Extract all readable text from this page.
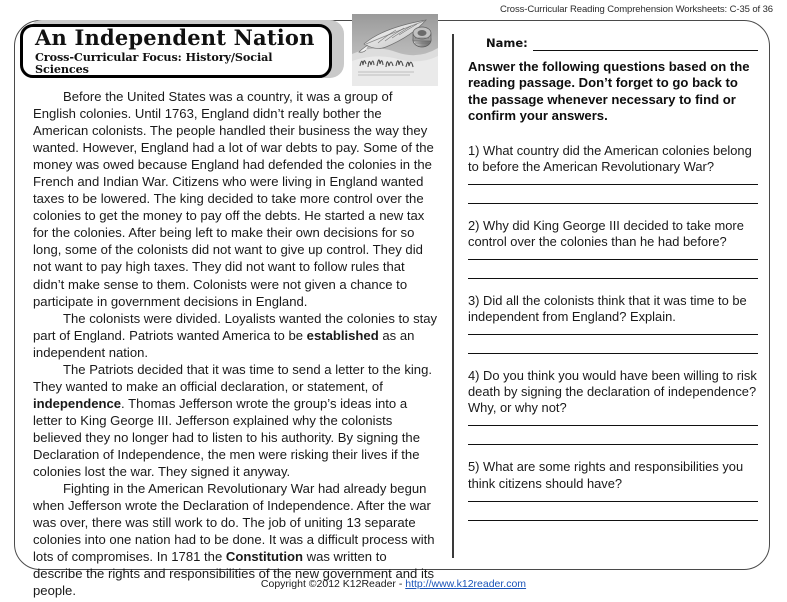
Cross-Curricular Reading Comprehension Worksheets: C-35 of 36
An Independent Nation
Cross-Curricular Focus: History/Social Sciences

Before the United States was a country, it was a group of English colonies. Until 1763, England didn’t really bother the American colonists. The people handled their business the way they wanted. However, England had a lot of war debts to pay. Some of the money was owed because England had defended the colonies in the French and Indian War. Citizens who were living in England wanted taxes to be lowered. The king decided to take more control over the colonies to get the money to pay off the debts. He started a new tax for the colonies. After being left to make their own decisions for so long, some of the colonists did not want to give up control. They did not want to pay high taxes. They did not want to follow rules that didn’t make sense to them. Colonists were not given a chance to participate in government decisions in England.

The colonists were divided. Loyalists wanted the colonies to stay part of England. Patriots wanted America to be established as an independent nation.

The Patriots decided that it was time to send a letter to the king. They wanted to make an official declaration, or statement, of independence. Thomas Jefferson wrote the group’s ideas into a letter to King George III. Jefferson explained why the colonists believed they no longer had to listen to his authority. By signing the Declaration of Independence, the men were risking their lives if the colonies lost the war. They signed it anyway.

Fighting in the American Revolutionary War had already begun when Jefferson wrote the Declaration of Independence. After the war was over, there was still work to do. The job of uniting 13 separate colonies into one nation had to be done. It was a difficult process with lots of compromises. In 1781 the Constitution was written to describe the rights and responsibilities of the new government and its people.

Name:
Answer the following questions based on the reading passage. Don’t forget to go back to the passage whenever necessary to find or confirm your answers.
1) What country did the American colonies belong to before the American Revolutionary War?
2) Why did King George III decided to take more control over the colonies than he had before?
3) Did all the colonists think that it was time to be independent from England? Explain.
4) Do you think you would have been willing to risk death by signing the declaration of independence? Why, or why not?
5) What are some rights and responsibilities you think citizens should have?
Copyright ©2012 K12Reader - http://www.k12reader.com
